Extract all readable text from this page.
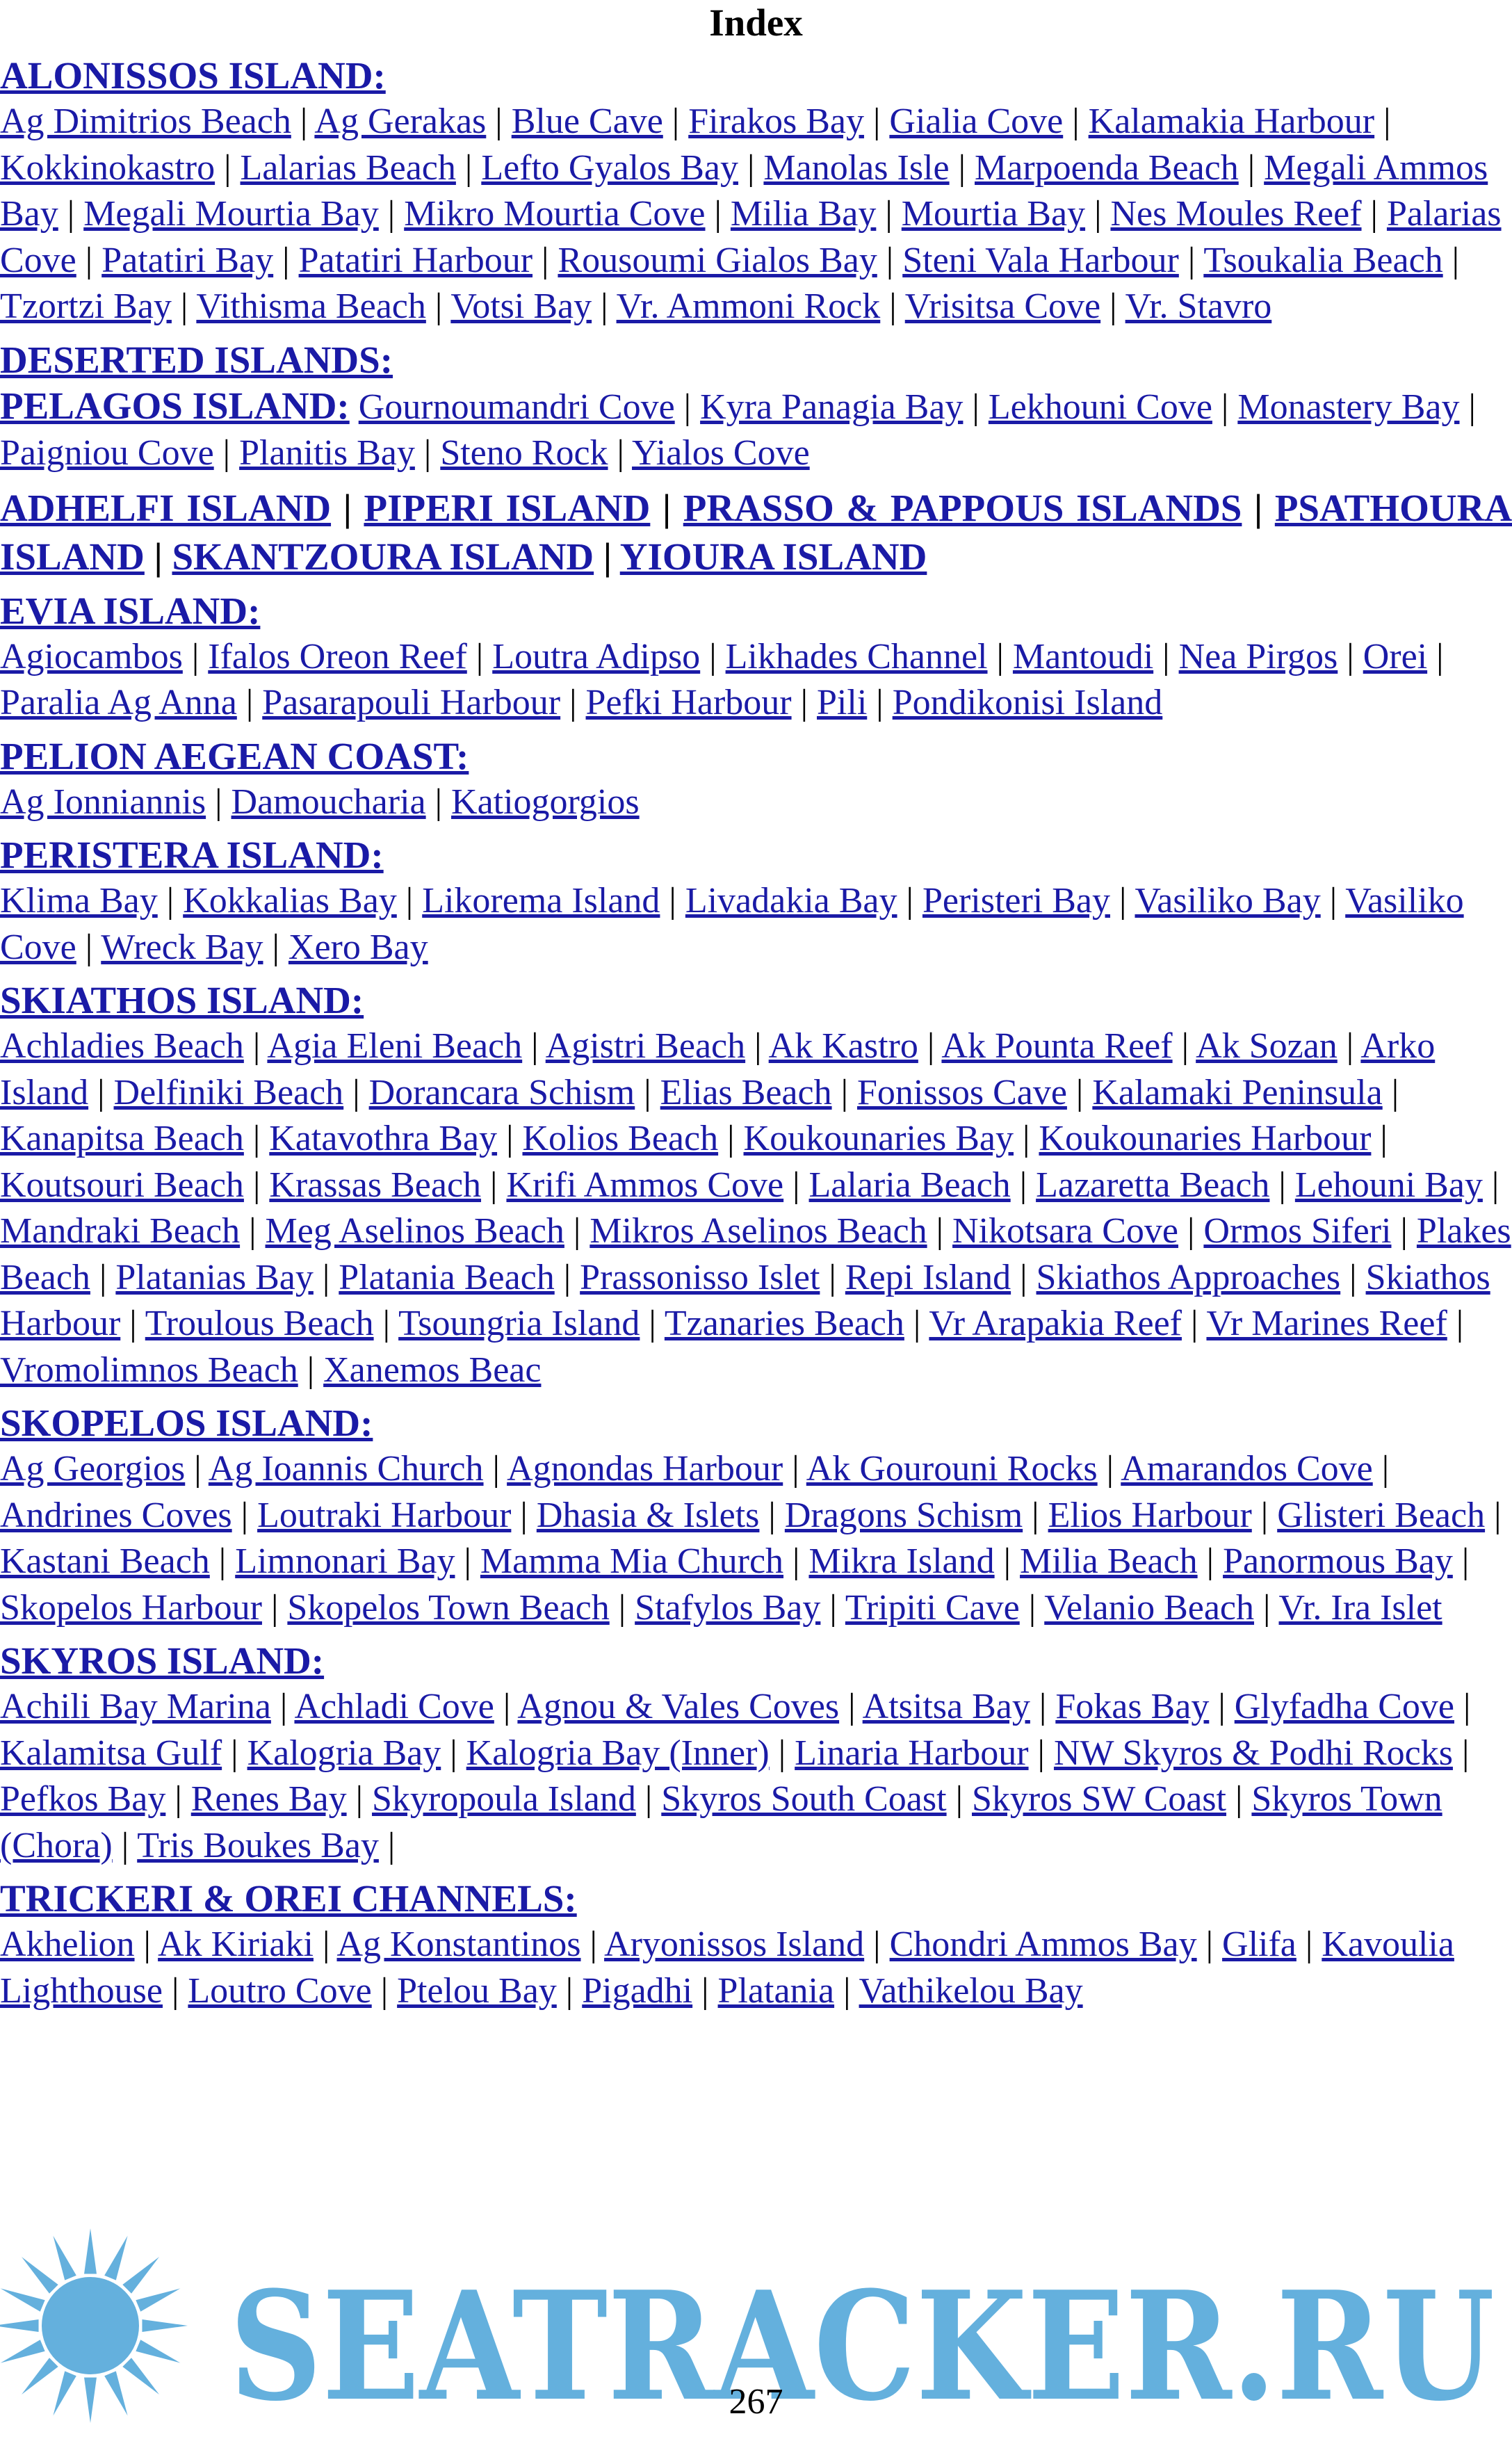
Index
ALONISSOS ISLAND:

Ag Dimitrios Beach | Ag Gerakas | Blue Cave | Firakos Bay | Gialia Cove | Kalamakia Harbour | Kokkinokastro | Lalarias Beach | Lefto Gyalos Bay | Manolas Isle | Marpoenda Beach | Megali Ammos Bay | Megali Mourtia Bay | Mikro Mourtia Cove | Milia Bay | Mourtia Bay | Nes Moules Reef | Palarias Cove | Patatiri Bay | Patatiri Harbour | Rousoumi Gialos Bay | Steni Vala Harbour | Tsoukalia Beach | Tzortzi Bay | Vithisma Beach | Votsi Bay | Vr. Ammoni Rock | Vrisitsa Cove | Vr. Stavro

DESERTED ISLANDS:

PELAGOS ISLAND: Gournoumandri Cove | Kyra Panagia Bay | Lekhouni Cove | Monastery Bay | Paigniou Cove | Planitis Bay | Steno Rock | Yialos Cove

ADHELFI ISLAND | PIPERI ISLAND | PRASSO & PAPPOUS ISLANDS | PSATHOURA ISLAND | SKANTZOURA ISLAND | YIOURA ISLAND

EVIA ISLAND:

Agiocambos | Ifalos Oreon Reef | Loutra Adipso | Likhades Channel | Mantoudi | Nea Pirgos | Orei | Paralia Ag Anna | Pasarapouli Harbour | Pefki Harbour | Pili | Pondikonisi Island

PELION AEGEAN COAST:

Ag Ionniannis | Damoucharia | Katiogorgios

PERISTERA ISLAND:

Klima Bay | Kokkalias Bay | Likorema Island | Livadakia Bay | Peristeri Bay | Vasiliko Bay | Vasiliko Cove | Wreck Bay | Xero Bay

SKIATHOS ISLAND:

Achladies Beach | Agia Eleni Beach | Agistri Beach | Ak Kastro | Ak Pounta Reef | Ak Sozan | Arko Island | Delfiniki Beach | Dorancara Schism | Elias Beach | Fonissos Cave | Kalamaki Peninsula | Kanapitsa Beach | Katavothra Bay | Kolios Beach | Koukounaries Bay | Koukounaries Harbour | Koutsouri Beach | Krassas Beach | Krifi Ammos Cove | Lalaria Beach | Lazaretta Beach | Lehouni Bay | Mandraki Beach | Meg Aselinos Beach | Mikros Aselinos Beach | Nikotsara Cove | Ormos Siferi | Plakes Beach | Platanias Bay | Platania Beach | Prassonisso Islet | Repi Island | Skiathos Approaches | Skiathos Harbour | Troulous Beach | Tsoungria Island | Tzanaries Beach | Vr Arapakia Reef | Vr Marines Reef | Vromolimnos Beach | Xanemos Beac

SKOPELOS ISLAND:

Ag Georgios | Ag Ioannis Church | Agnondas Harbour | Ak Gourouni Rocks | Amarandos Cove | Andrines Coves | Loutraki Harbour | Dhasia & Islets | Dragons Schism | Elios Harbour | Glisteri Beach | Kastani Beach | Limnonari Bay | Mamma Mia Church | Mikra Island | Milia Beach | Panormous Bay | Skopelos Harbour | Skopelos Town Beach | Stafylos Bay | Tripiti Cave | Velanio Beach | Vr. Ira Islet

SKYROS ISLAND:

Achili Bay Marina | Achladi Cove | Agnou & Vales Coves | Atsitsa Bay | Fokas Bay | Glyfadha Cove | Kalamitsa Gulf | Kalogria Bay | Kalogria Bay (Inner) | Linaria Harbour | NW Skyros & Podhi Rocks | Pefkos Bay | Renes Bay | Skyropoula Island | Skyros South Coast | Skyros SW Coast | Skyros Town (Chora) | Tris Boukes Bay |

TRICKERI & OREI CHANNELS:

Akhelion | Ak Kiriaki | Ag Konstantinos | Aryonissos Island | Chondri Ammos Bay | Glifa | Kavoulia Lighthouse | Loutro Cove | Ptelou Bay | Pigadhi | Platania | Vathikelou Bay

SEATRACKER.RU
267
